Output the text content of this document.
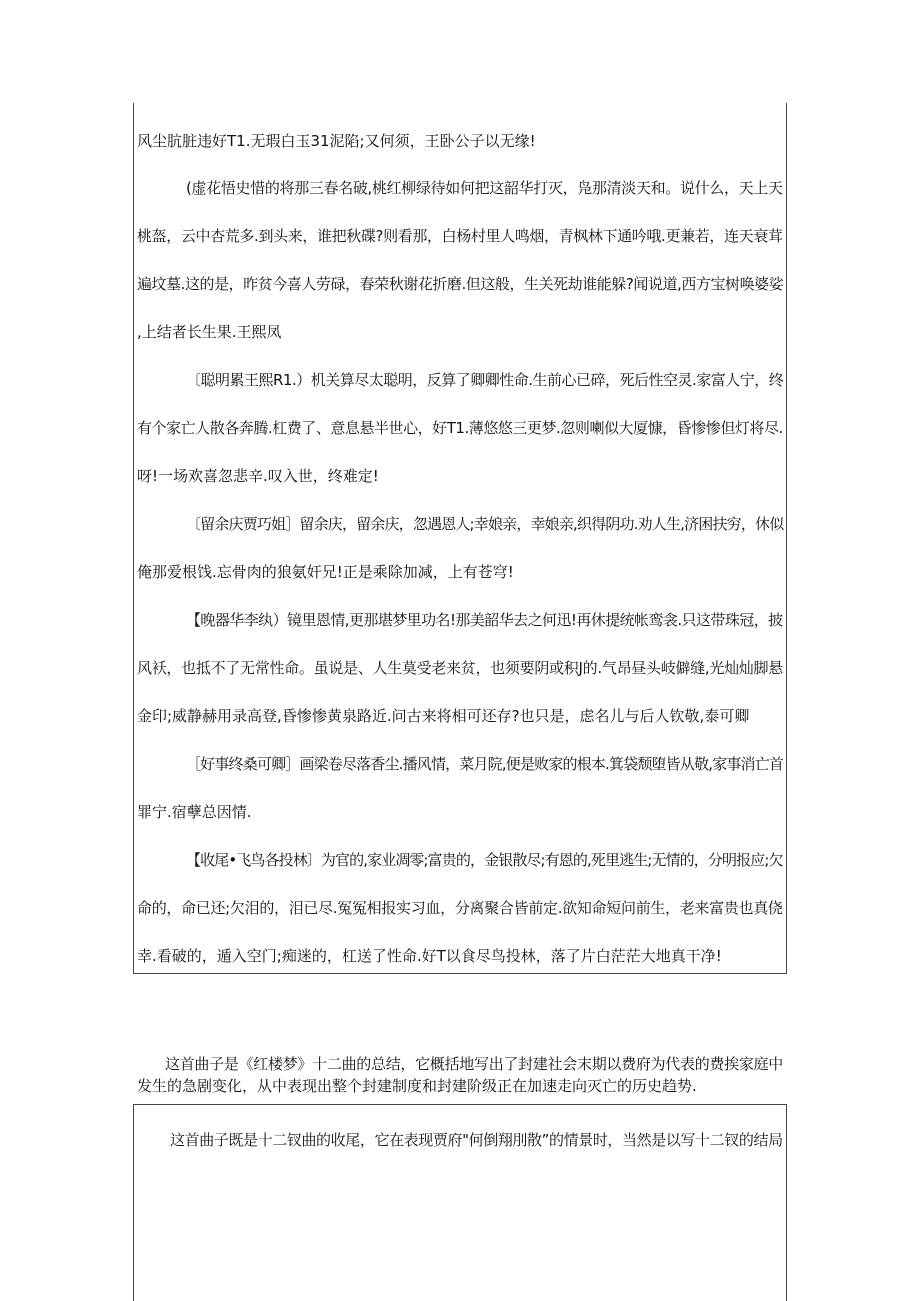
风尘肮脏违好T1.无瑕白玉31泥陷;又何须，王卧公子以无缘!
(虚花悟史惜的将那三春名破,桃红柳绿待如何把这韶华打灭，凫那清淡天和。说什么，天上天
桃盔，云中杏荒多.到头来，谁把秋碟?则看那，白杨村里人鸣烟，青枫林下通吟哦.更兼若，连天衰茸
遍坟墓.这的是，昨贫今喜人劳碌，春荣秋谢花折磨.但这般，生关死劫谁能躲?闻说道,西方宝树唤婆娑
,上结者长生果.王熙凤
〔聪明累王熙R1.）机关算尽太聪明，反算了卿卿性命.生前心已碎，死后性空灵.家富人宁，终
有个家亡人散各奔腾.杠费了、意息悬半世心，好T1.薄悠悠三更梦.忽则喇似大厦慷，昏惨惨但灯将尽.
呀!一场欢喜忽悲辛.叹入世，终难定!
〔留余庆贾巧姐］留余庆，留余庆，忽遇恩人;幸娘亲，幸娘亲,织得阴功.劝人生,济困扶穷，休似
俺那爱根饯.忘骨肉的狼氨奸兄!正是乘除加减，上有苍穹!
【晚器华李纨）镜里恩情,更那堪梦里功名!那美韶华去之何迅!再休提统帐鸾衾.只这带珠冠，披
风袄，也抵不了无常性命。虽说是、人生莫受老来贫，也须要阴或积J的.气昂昼头岐僻缝,光灿灿脚悬
金印;威静赫用录高登,昏惨惨黄泉路近.问古来将相可还存?也只是，虑名儿与后人钦敬,泰可卿
［好事终桑可卿］画梁卷尽落香尘.播风情，菜月院,便是败家的根本.箕袋颓堕皆从敬,家事消亡首
罪宁.宿孽总因情.
【收尾•飞鸟各投林〕为官的,家业凋零;富贵的，金银散尽;有恩的,死里逃生;无情的，分明报应;欠
命的，命已还;欠泪的，泪已尽.冤冤相报实习血，分离聚合皆前定.欲知命短问前生，老来富贵也真侥
幸.看破的，遁入空门;痴迷的，杠送了性命.好T以食尽鸟投林，落了片白茫茫大地真干净!
这首曲子是《红楼梦》十二曲的总结，它概括地写出了封建社会末期以费府为代表的费挨家庭中
发生的急剧变化，从中表现出整个封建制度和封建阶级正在加速走向灭亡的历史趋势.
这首曲子既是十二钗曲的收尾，它在表现贾府"何倒翔刖散”的情景时，当然是以写十二钗的结局
